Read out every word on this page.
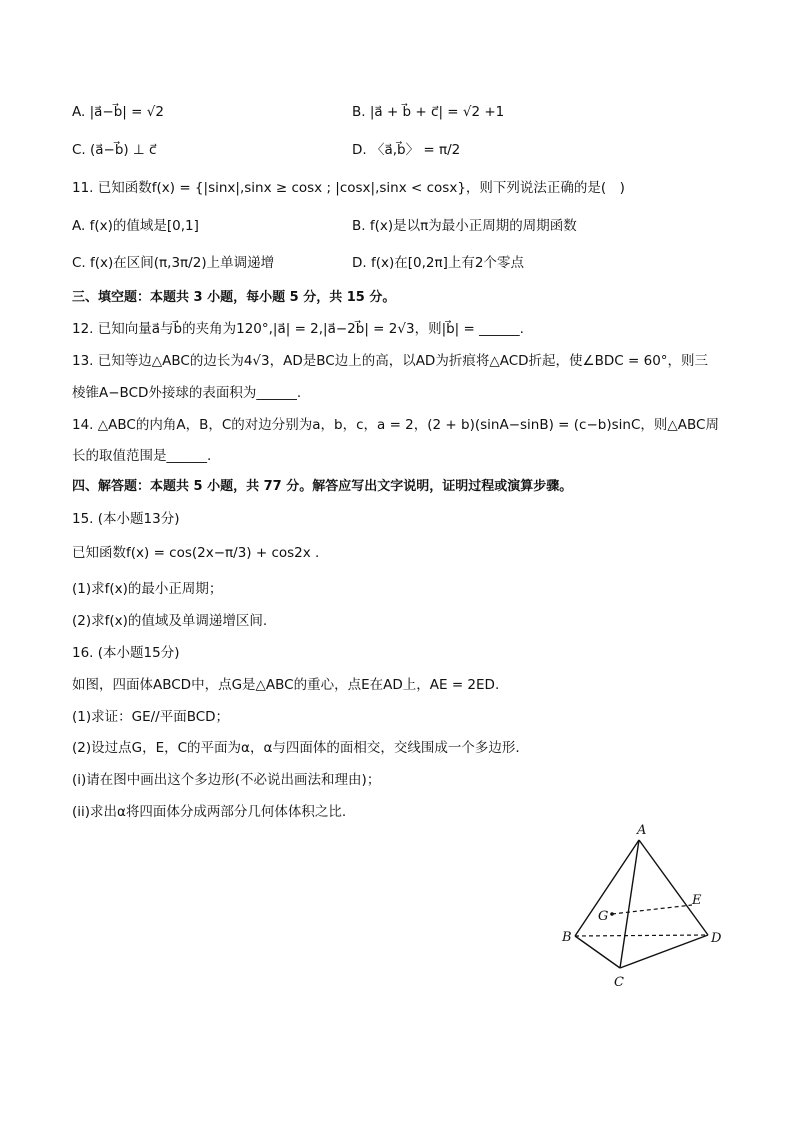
A. |a⃗−b⃗| = √2	B. |a⃗ + b⃗ + c⃗| = √2 +1
C. (a⃗−b⃗) ⊥ c⃗	D. 〈a⃗,b⃗〉 = π/2
11. 已知函数f(x) = {|sinx|,sinx ≥ cosx ; |cosx|,sinx < cosx}，则下列说法正确的是(　)
A. f(x)的值域是[0,1]	B. f(x)是以π为最小正周期的周期函数
C. f(x)在区间(π,3π/2)上单调递增	D. f(x)在[0,2π]上有2个零点
三、填空题：本题共 3 小题，每小题 5 分，共 15 分。
12. 已知向量a⃗与b⃗的夹角为120°,|a⃗| = 2,|a⃗−2b⃗| = 2√3，则|b⃗| = ______.
13. 已知等边△ABC的边长为4√3，AD是BC边上的高，以AD为折痕将△ACD折起，使∠BDC = 60°，则三
棱锥A−BCD外接球的表面积为______.
14. △ABC的内角A，B，C的对边分别为a，b，c，a = 2，(2 + b)(sinA−sinB) = (c−b)sinC，则△ABC周
长的取值范围是______.
四、解答题：本题共 5 小题，共 77 分。解答应写出文字说明，证明过程或演算步骤。
15. (本小题13分)
已知函数f(x) = cos(2x−π/3) + cos2x .
(1)求f(x)的最小正周期；
(2)求f(x)的值域及单调递增区间.
16. (本小题15分)
如图，四面体ABCD中，点G是△ABC的重心，点E在AD上，AE = 2ED.
(1)求证：GE//平面BCD；
(2)设过点G，E，C的平面为α，α与四面体的面相交，交线围成一个多边形.
(i)请在图中画出这个多边形(不必说出画法和理由)；
(ii)求出α将四面体分成两部分几何体体积之比.
A
B
C
D
E
G
